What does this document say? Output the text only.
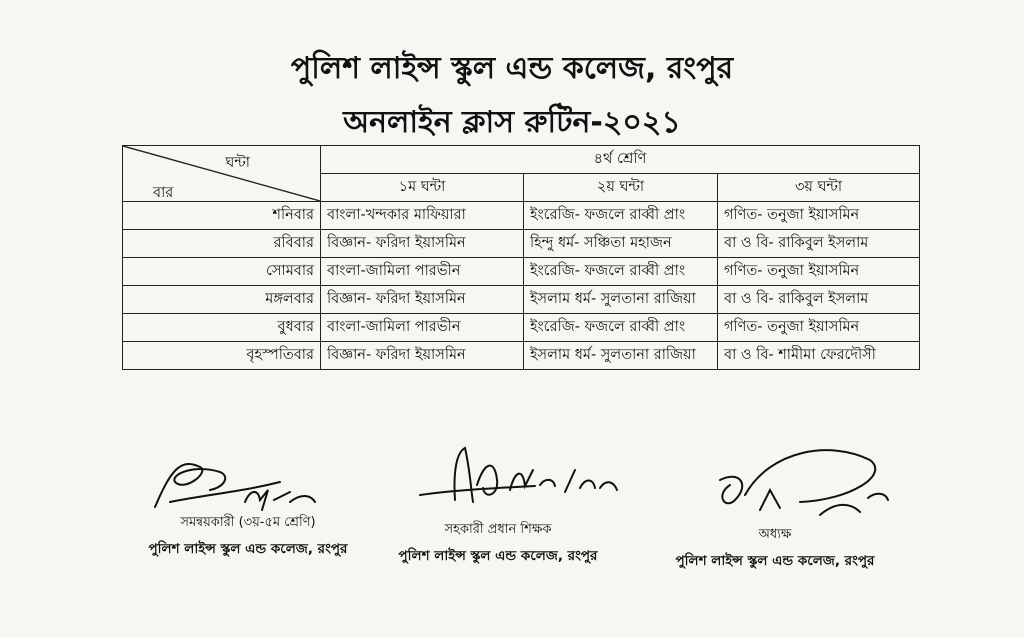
পুলিশ লাইন্স স্কুল এন্ড কলেজ, রংপুর
অনলাইন ক্লাস রুটিন-২০২১
ঘন্টা
বার	৪র্থ শ্রেণি		
	১ম ঘন্টা	২য় ঘন্টা	৩য় ঘন্টা
শনিবার	বাংলা-খন্দকার মাফিয়ারা	ইংরেজি- ফজলে রাব্বী প্রাং	গণিত- তনুজা ইয়াসমিন
রবিবার	বিজ্ঞান- ফরিদা ইয়াসমিন	হিন্দু ধর্ম- সঞ্চিতা মহাজন	বা ও বি- রাকিবুল ইসলাম
সোমবার	বাংলা-জামিলা পারভীন	ইংরেজি- ফজলে রাব্বী প্রাং	গণিত- তনুজা ইয়াসমিন
মঙ্গলবার	বিজ্ঞান- ফরিদা ইয়াসমিন	ইসলাম ধর্ম- সুলতানা রাজিয়া	বা ও বি- রাকিবুল ইসলাম
বুধবার	বাংলা-জামিলা পারভীন	ইংরেজি- ফজলে রাব্বী প্রাং	গণিত- তনুজা ইয়াসমিন
বৃহস্পতিবার	বিজ্ঞান- ফরিদা ইয়াসমিন	ইসলাম ধর্ম- সুলতানা রাজিয়া	বা ও বি- শামীমা ফেরদৌসী
সমন্বয়কারী (৩য়-৫ম শ্রেণি)
পুলিশ লাইন্স স্কুল এন্ড কলেজ, রংপুর
সহকারী প্রধান শিক্ষক
পুলিশ লাইন্স স্কুল এন্ড কলেজ, রংপুর
অধ্যক্ষ
পুলিশ লাইন্স স্কুল এন্ড কলেজ, রংপুর
